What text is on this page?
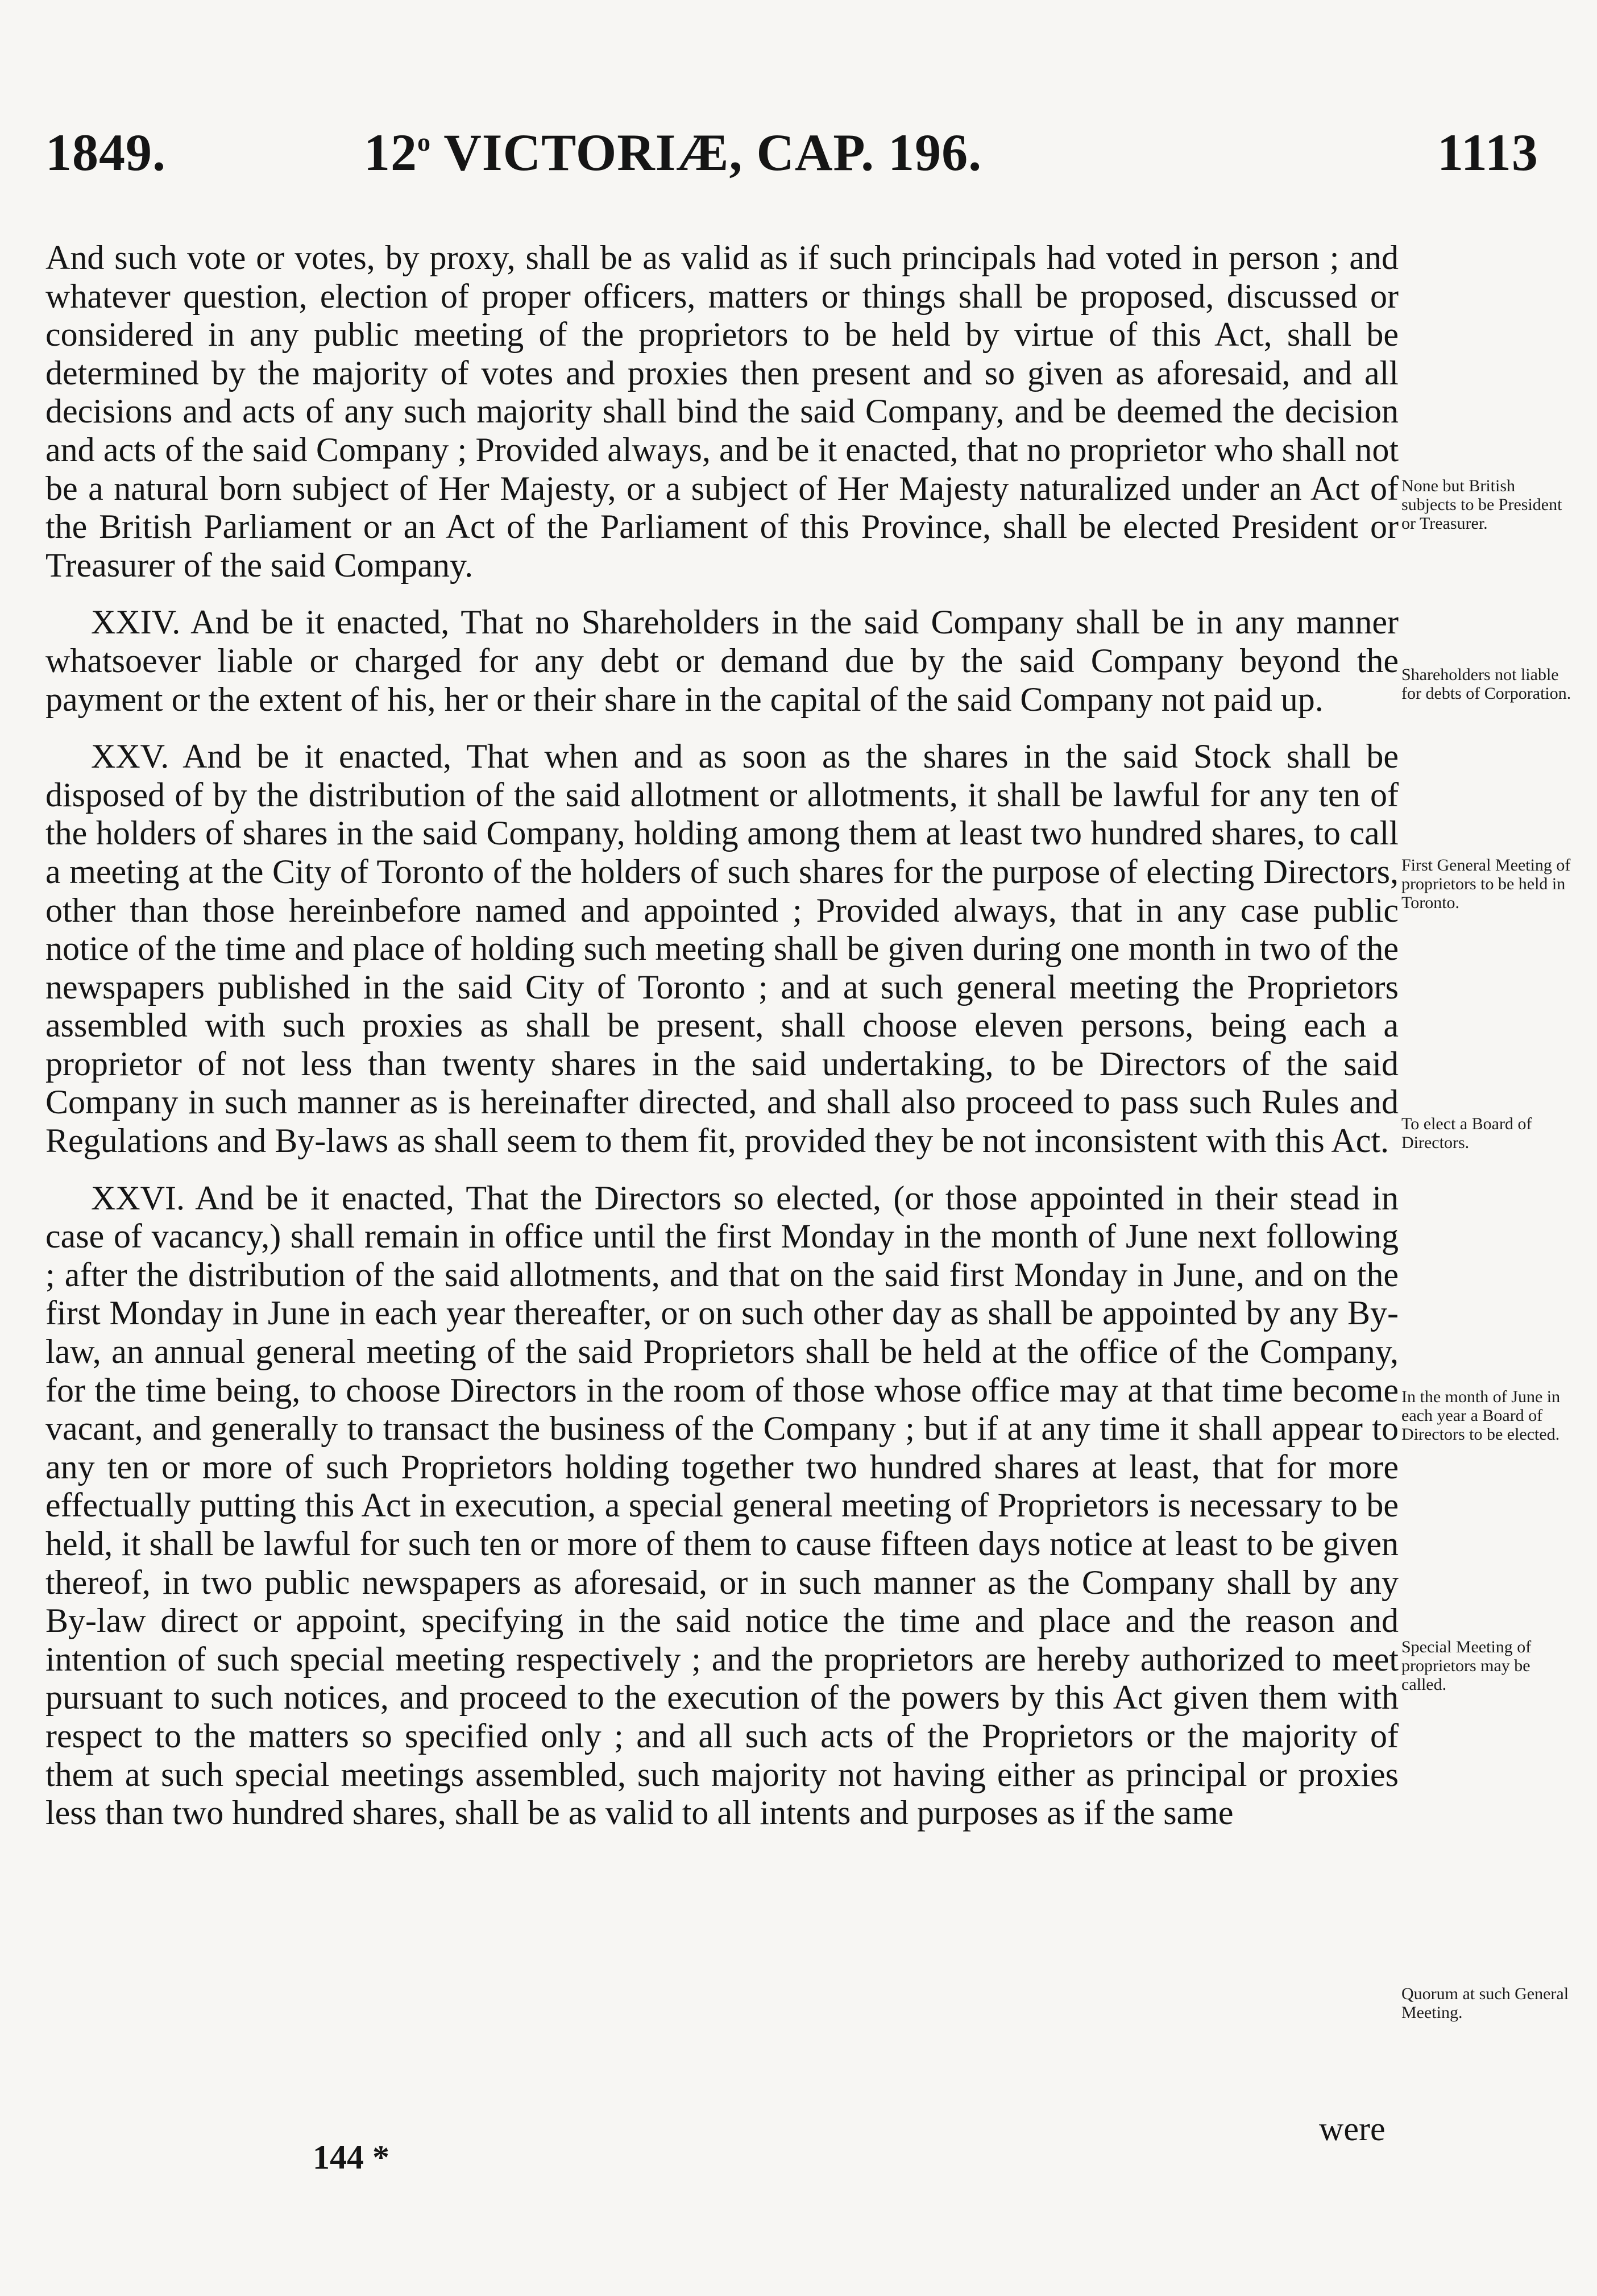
1849.	12$^o$ VICTORIÆ, CAP. 196.	1113

And such vote or votes, by proxy, shall be as valid as if such principals had voted in person ; and whatever question, election of proper officers, matters or things shall be proposed, discussed or considered in any public meeting of the proprietors to be held by virtue of this Act, shall be determined by the majority of votes and proxies then present and so given as aforesaid, and all decisions and acts of any such majority shall bind the said Company, and be deemed the decision and acts of the said Company ; Provided always, and be it enacted, that no proprietor who shall not be a natural born subject of Her Majesty, or a subject of Her Majesty naturalized under an Act of the British Parliament or an Act of the Parliament of this Province, shall be elected President or Treasurer of the said Company.

XXIV. And be it enacted, That no Shareholders in the said Company shall be in any manner whatsoever liable or charged for any debt or demand due by the said Company beyond the payment or the extent of his, her or their share in the capital of the said Company not paid up.

XXV. And be it enacted, That when and as soon as the shares in the said Stock shall be disposed of by the distribution of the said allotment or allotments, it shall be lawful for any ten of the holders of shares in the said Company, holding among them at least two hundred shares, to call a meeting at the City of Toronto of the holders of such shares for the purpose of electing Directors, other than those hereinbefore named and appointed ; Provided always, that in any case public notice of the time and place of holding such meeting shall be given during one month in two of the newspapers published in the said City of Toronto ; and at such general meeting the Proprietors assembled with such proxies as shall be present, shall choose eleven persons, being each a proprietor of not less than twenty shares in the said undertaking, to be Directors of the said Company in such manner as is hereinafter directed, and shall also proceed to pass such Rules and Regulations and By-laws as shall seem to them fit, provided they be not inconsistent with this Act.

XXVI. And be it enacted, That the Directors so elected, (or those appointed in their stead in case of vacancy,) shall remain in office until the first Monday in the month of June next following ; after the distribution of the said allotments, and that on the said first Monday in June, and on the first Monday in June in each year thereafter, or on such other day as shall be appointed by any By-law, an annual general meeting of the said Proprietors shall be held at the office of the Company, for the time being, to choose Directors in the room of those whose office may at that time become vacant, and generally to transact the business of the Company ; but if at any time it shall appear to any ten or more of such Proprietors holding together two hundred shares at least, that for more effectually putting this Act in execution, a special general meeting of Proprietors is necessary to be held, it shall be lawful for such ten or more of them to cause fifteen days notice at least to be given thereof, in two public newspapers as aforesaid, or in such manner as the Company shall by any By-law direct or appoint, specifying in the said notice the time and place and the reason and intention of such special meeting respectively ; and the proprietors are hereby authorized to meet pursuant to such notices, and proceed to the execution of the powers by this Act given them with respect to the matters so specified only ; and all such acts of the Proprietors or the majority of them at such special meetings assembled, such majority not having either as principal or proxies less than two hundred shares, shall be as valid to all intents and purposes as if the same

None but British subjects to be President or Treasurer.
Shareholders not liable for debts of Corporation.
First General Meeting of proprietors to be held in Toronto.
To elect a Board of Directors.
In the month of June in each year a Board of Directors to be elected.
Special Meeting of proprietors may be called.
Quorum at such General Meeting.
were
144 *
